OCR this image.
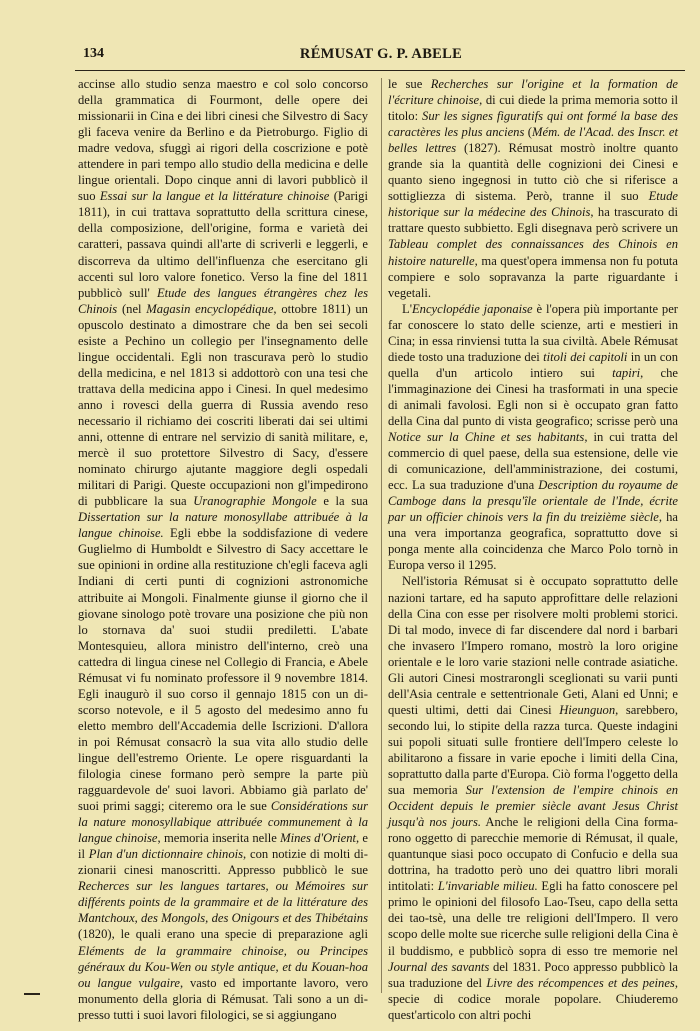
134	RÉMUSAT G. P. ABELE

accinse allo studio senza maestro e col solo concorso della grammatica di Fourmont, delle opere dei missionarii in Cina e dei libri cinesi che Silvestro di Sacy gli faceva venire da Berlino e da Pietroburgo. Figlio di madre vedova, sfuggì ai rigori della coscrizione e potè attendere in pari tempo allo studio della medicina e delle lingue orientali. Dopo cinque anni di lavori pubblicò il suo Essai sur la langue et la littérature chinoise (Parigi 1811), in cui trattava soprattutto della scrittura cinese, della composizione, dell'origine, forma e varietà dei caratteri, passava quindi all'arte di scriverli e leggerli, e discorreva da ultimo dell'influenza che esercitano gli accenti sul loro valore fonetico. Verso la fine del 1811 pubblicò sull' Etude des langues étrangères chez les Chinois (nel Magasin encyclopédique, ottobre 1811) un opuscolo destinato a dimostrare che da ben sei secoli esiste a Pechino un collegio per l'insegnamento delle lingue occidentali. Egli non trascurava però lo studio della medicina, e nel 1813 si addottorò con una tesi che trattava della medicina appo i Cinesi. In quel medesimo anno i rovesci della guerra di Russia avendo reso necessario il richiamo dei coscriti liberati dai sei ultimi anni, ottenne di entrare nel servizio di sanità militare, e, mercè il suo protettore Silvestro di Sacy, d'essere nominato chirurgo ajutante maggiore degli ospedali militari di Parigi. Queste occupazioni non gl'impedirono di pubblicare la sua Uranographie Mongole e la sua Dissertation sur la nature monosyllabe attribuée à la langue chinoise. Egli ebbe la soddisfazione di vedere Guglielmo di Humboldt e Silvestro di Sacy accettare le sue opinioni in ordine alla restituzione ch'egli faceva agli Indiani di certi punti di cognizioni astronomiche attribuite ai Mongoli. Finalmente giunse il giorno che il giovane sinologo potè trovare una posizione che più non lo stornava da' suoi studii prediletti. L'abate Montesquieu, allora ministro dell'interno, creò una cattedra di lingua cinese nel Collegio di Francia, e Abele Rémusat vi fu nominato professore il 9 novembre 1814. Egli inaugurò il suo corso il gennajo 1815 con un discorso notevole, e il 5 agosto del medesimo anno fu eletto membro dell'Accademia delle Iscrizioni. D'allora in poi Rémusat consacrò la sua vita allo studio delle lingue dell'estremo Oriente. Le opere risguardanti la filologia cinese formano però sempre la parte più ragguardevole de' suoi lavori. Abbiamo già parlato de' suoi primi saggi; citeremo ora le sue Considérations sur la nature monosyllabique attribuée communement à la langue chinoise, memoria inserita nelle Mines d'Orient, e il Plan d'un dictionnaire chinois, con notizie di molti dizionarii cinesi manoscritti. Appresso pubblicò le sue Recherces sur les langues tartares, ou Mémoires sur différents points de la grammaire et de la littérature des Mantchoux, des Mongols, des Onigours et des Thibétains (1820), le quali erano una specie di preparazione agli Eléments de la grammaire chinoise, ou Principes généraux du Kou-Wen ou style antique, et du Kouan-hoa ou langue vulgaire, vasto ed importante lavoro, vero monumento della gloria di Rémusat. Tali sono a un dipresso tutti i suoi lavori filologici, se si aggiungano

le sue Recherches sur l'origine et la formation de l'écriture chinoise, di cui diede la prima memoria sotto il titolo: Sur les signes figuratifs qui ont formé la base des caractères les plus anciens (Mém. de l'Acad. des Inscr. et belles lettres (1827). Rémusat mostrò inoltre quanto grande sia la quantità delle cognizioni dei Cinesi e quanto sieno ingegnosi in tutto ciò che si riferisce a sottigliezza di sistema. Però, tranne il suo Etude historique sur la médecine des Chinois, ha trascurato di trattare questo subbietto. Egli disegnava però scrivere un Tableau complet des connaissances des Chinois en histoire naturelle, ma quest'opera immensa non fu potuta compiere e solo sopravanza la parte riguardante i vegetali.

L'Encyclopédie japonaise è l'opera più importante per far conoscere lo stato delle scienze, arti e mestieri in Cina; in essa rinviensi tutta la sua civiltà. Abele Rémusat diede tosto una traduzione dei titoli dei capitoli in un con quella d'un articolo intiero sui tapiri, che l'immaginazione dei Cinesi ha trasformati in una specie di animali favolosi. Egli non si è occupato gran fatto della Cina dal punto di vista geografico; scrisse però una Notice sur la Chine et ses habitants, in cui tratta del commercio di quel paese, della sua estensione, delle vie di comunicazione, dell'amministrazione, dei costumi, ecc. La sua traduzione d'una Description du royaume de Camboge dans la presqu'île orientale de l'Inde, écrite par un officier chinois vers la fin du treizième siècle, ha una vera importanza geografica, soprattutto dove si ponga mente alla coincidenza che Marco Polo tornò in Europa verso il 1295.

Nell'istoria Rémusat si è occupato soprattutto delle nazioni tartare, ed ha saputo approfittare delle relazioni della Cina con esse per risolvere molti problemi storici. Di tal modo, invece di far discendere dal nord i barbari che invasero l'Impero romano, mostrò la loro origine orientale e le loro varie stazioni nelle contrade asiatiche. Gli autori Cinesi mostrarongli sceglionati su varii punti dell'Asia centrale e settentrionale Geti, Alani ed Unni; e questi ultimi, detti dai Cinesi Hieunguon, sarebbero, secondo lui, lo stipite della razza turca. Queste indagini sui popoli situati sulle frontiere dell'Impero celeste lo abilitarono a fissare in varie epoche i limiti della Cina, soprattutto dalla parte d'Europa. Ciò forma l'oggetto della sua memoria Sur l'extension de l'empire chinois en Occident depuis le premier siècle avant Jesus Christ jusqu'à nos jours. Anche le religioni della Cina formarono oggetto di parecchie memorie di Rémusat, il quale, quantunque siasi poco occupato di Confucio e della sua dottrina, ha tradotto però uno dei quattro libri morali intitolati: L'invariable milieu. Egli ha fatto conoscere pel primo le opinioni del filosofo Lao-Tseu, capo della setta dei tao-tsè, una delle tre religioni dell'Impero. Il vero scopo delle molte sue ricerche sulle religioni della Cina è il buddismo, e pubblicò sopra di esso tre memorie nel Journal des savants del 1831. Poco appresso pubblicò la sua traduzione del Livre des récompences et des peines, specie di codice morale popolare. Chiuderemo quest'articolo con altri pochi
